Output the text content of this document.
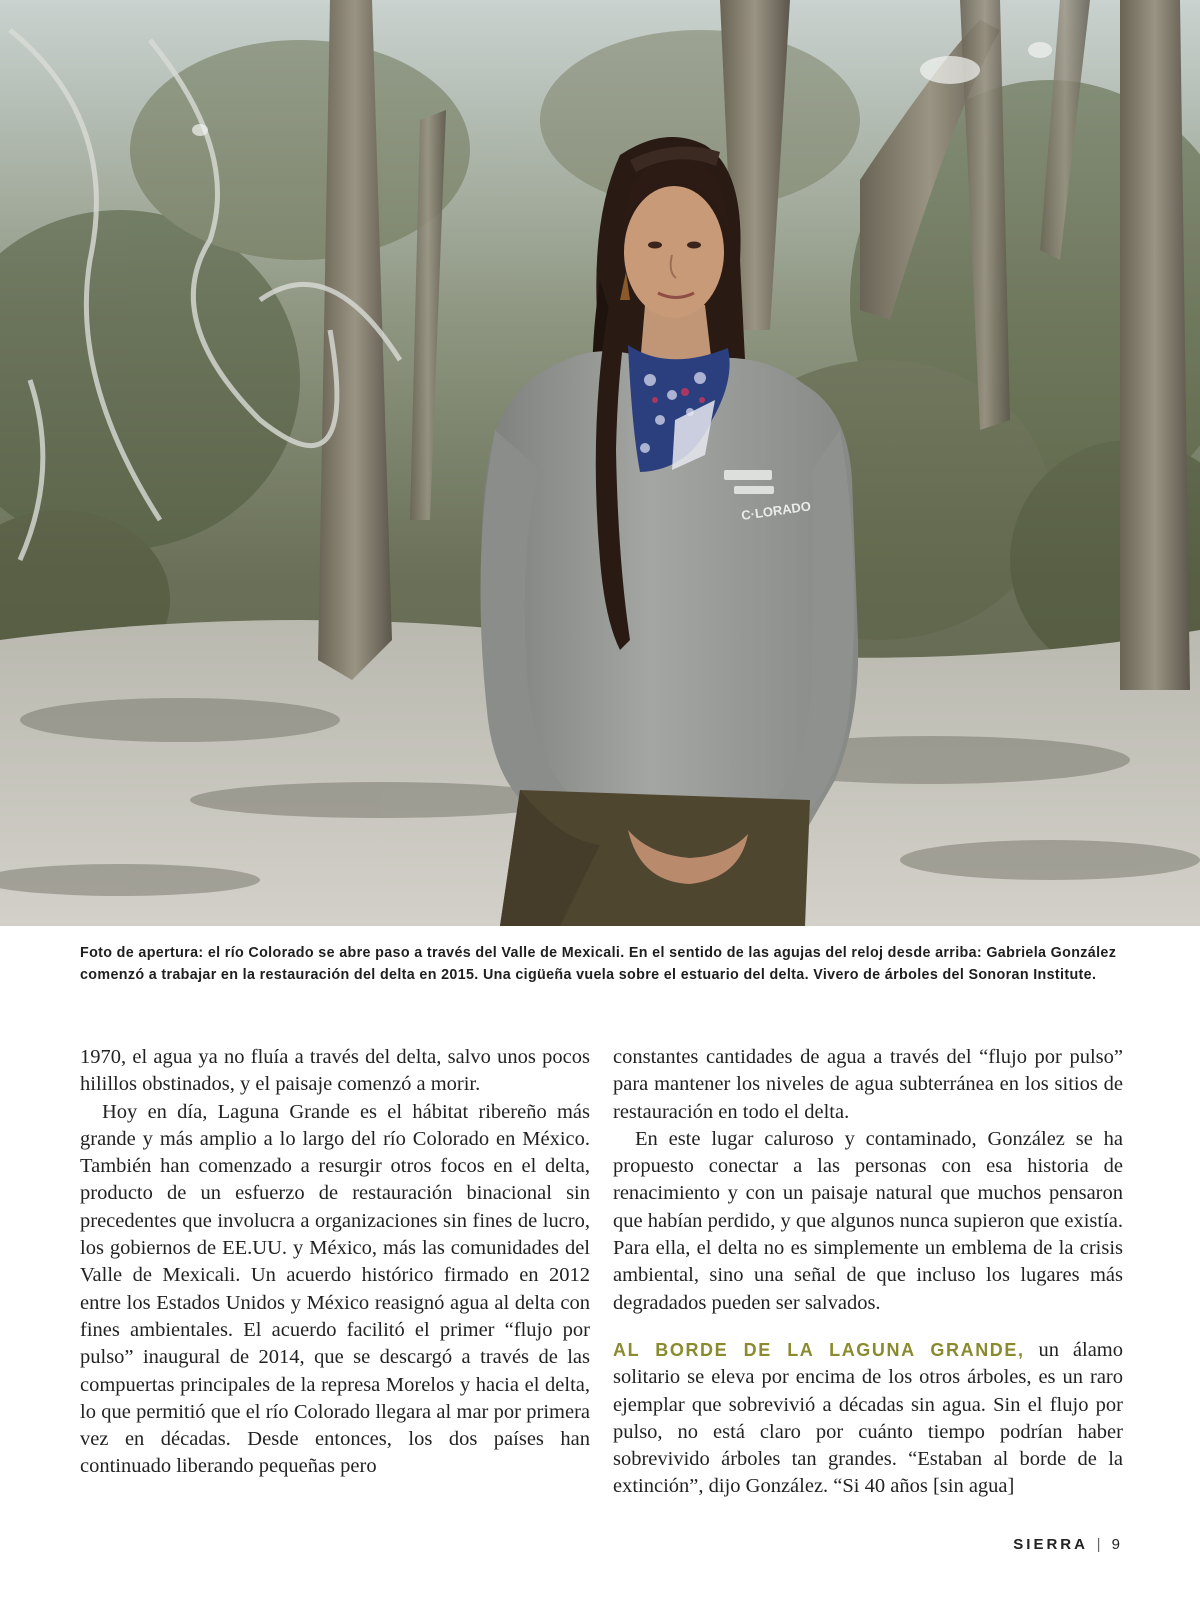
C·LORADO
Foto de apertura: el río Colorado se abre paso a través del Valle de Mexicali. En el sentido de las agujas del reloj desde arriba: Gabriela González comenzó a trabajar en la restauración del delta en 2015. Una cigüeña vuela sobre el estuario del delta. Vivero de árboles del Sonoran Institute.

1970, el agua ya no fluía a través del delta, salvo unos pocos hilillos obstinados, y el paisaje comenzó a morir.

Hoy en día, Laguna Grande es el hábitat ribereño más grande y más amplio a lo largo del río Colorado en México. También han comenzado a resurgir otros focos en el delta, producto de un esfuerzo de restauración binacional sin precedentes que involucra a organizaciones sin fines de lucro, los gobiernos de EE.UU. y México, más las comunidades del Valle de Mexicali. Un acuerdo histórico firmado en 2012 entre los Estados Unidos y México reasignó agua al delta con fines ambientales. El acuerdo facilitó el primer “flujo por pulso” inaugural de 2014, que se descargó a través de las compuertas principales de la represa Morelos y hacia el delta, lo que permitió que el río Colorado llegara al mar por primera vez en décadas. Desde entonces, los dos países han continuado liberando pequeñas pero

constantes cantidades de agua a través del “flujo por pulso” para mantener los niveles de agua subterránea en los sitios de restauración en todo el delta.

En este lugar caluroso y contaminado, González se ha propuesto conectar a las personas con esa historia de renacimiento y con un paisaje natural que muchos pensaron que habían perdido, y que algunos nunca supieron que existía. Para ella, el delta no es simplemente un emblema de la crisis ambiental, sino una señal de que incluso los lugares más degradados pueden ser salvados.

AL BORDE DE LA LAGUNA GRANDE, un álamo solitario se eleva por encima de los otros árboles, es un raro ejemplar que sobrevivió a décadas sin agua. Sin el flujo por pulso, no está claro por cuánto tiempo podrían haber sobrevivido árboles tan grandes. “Estaban al borde de la extinción”, dijo González. “Si 40 años [sin agua]

SIERRA | 9
